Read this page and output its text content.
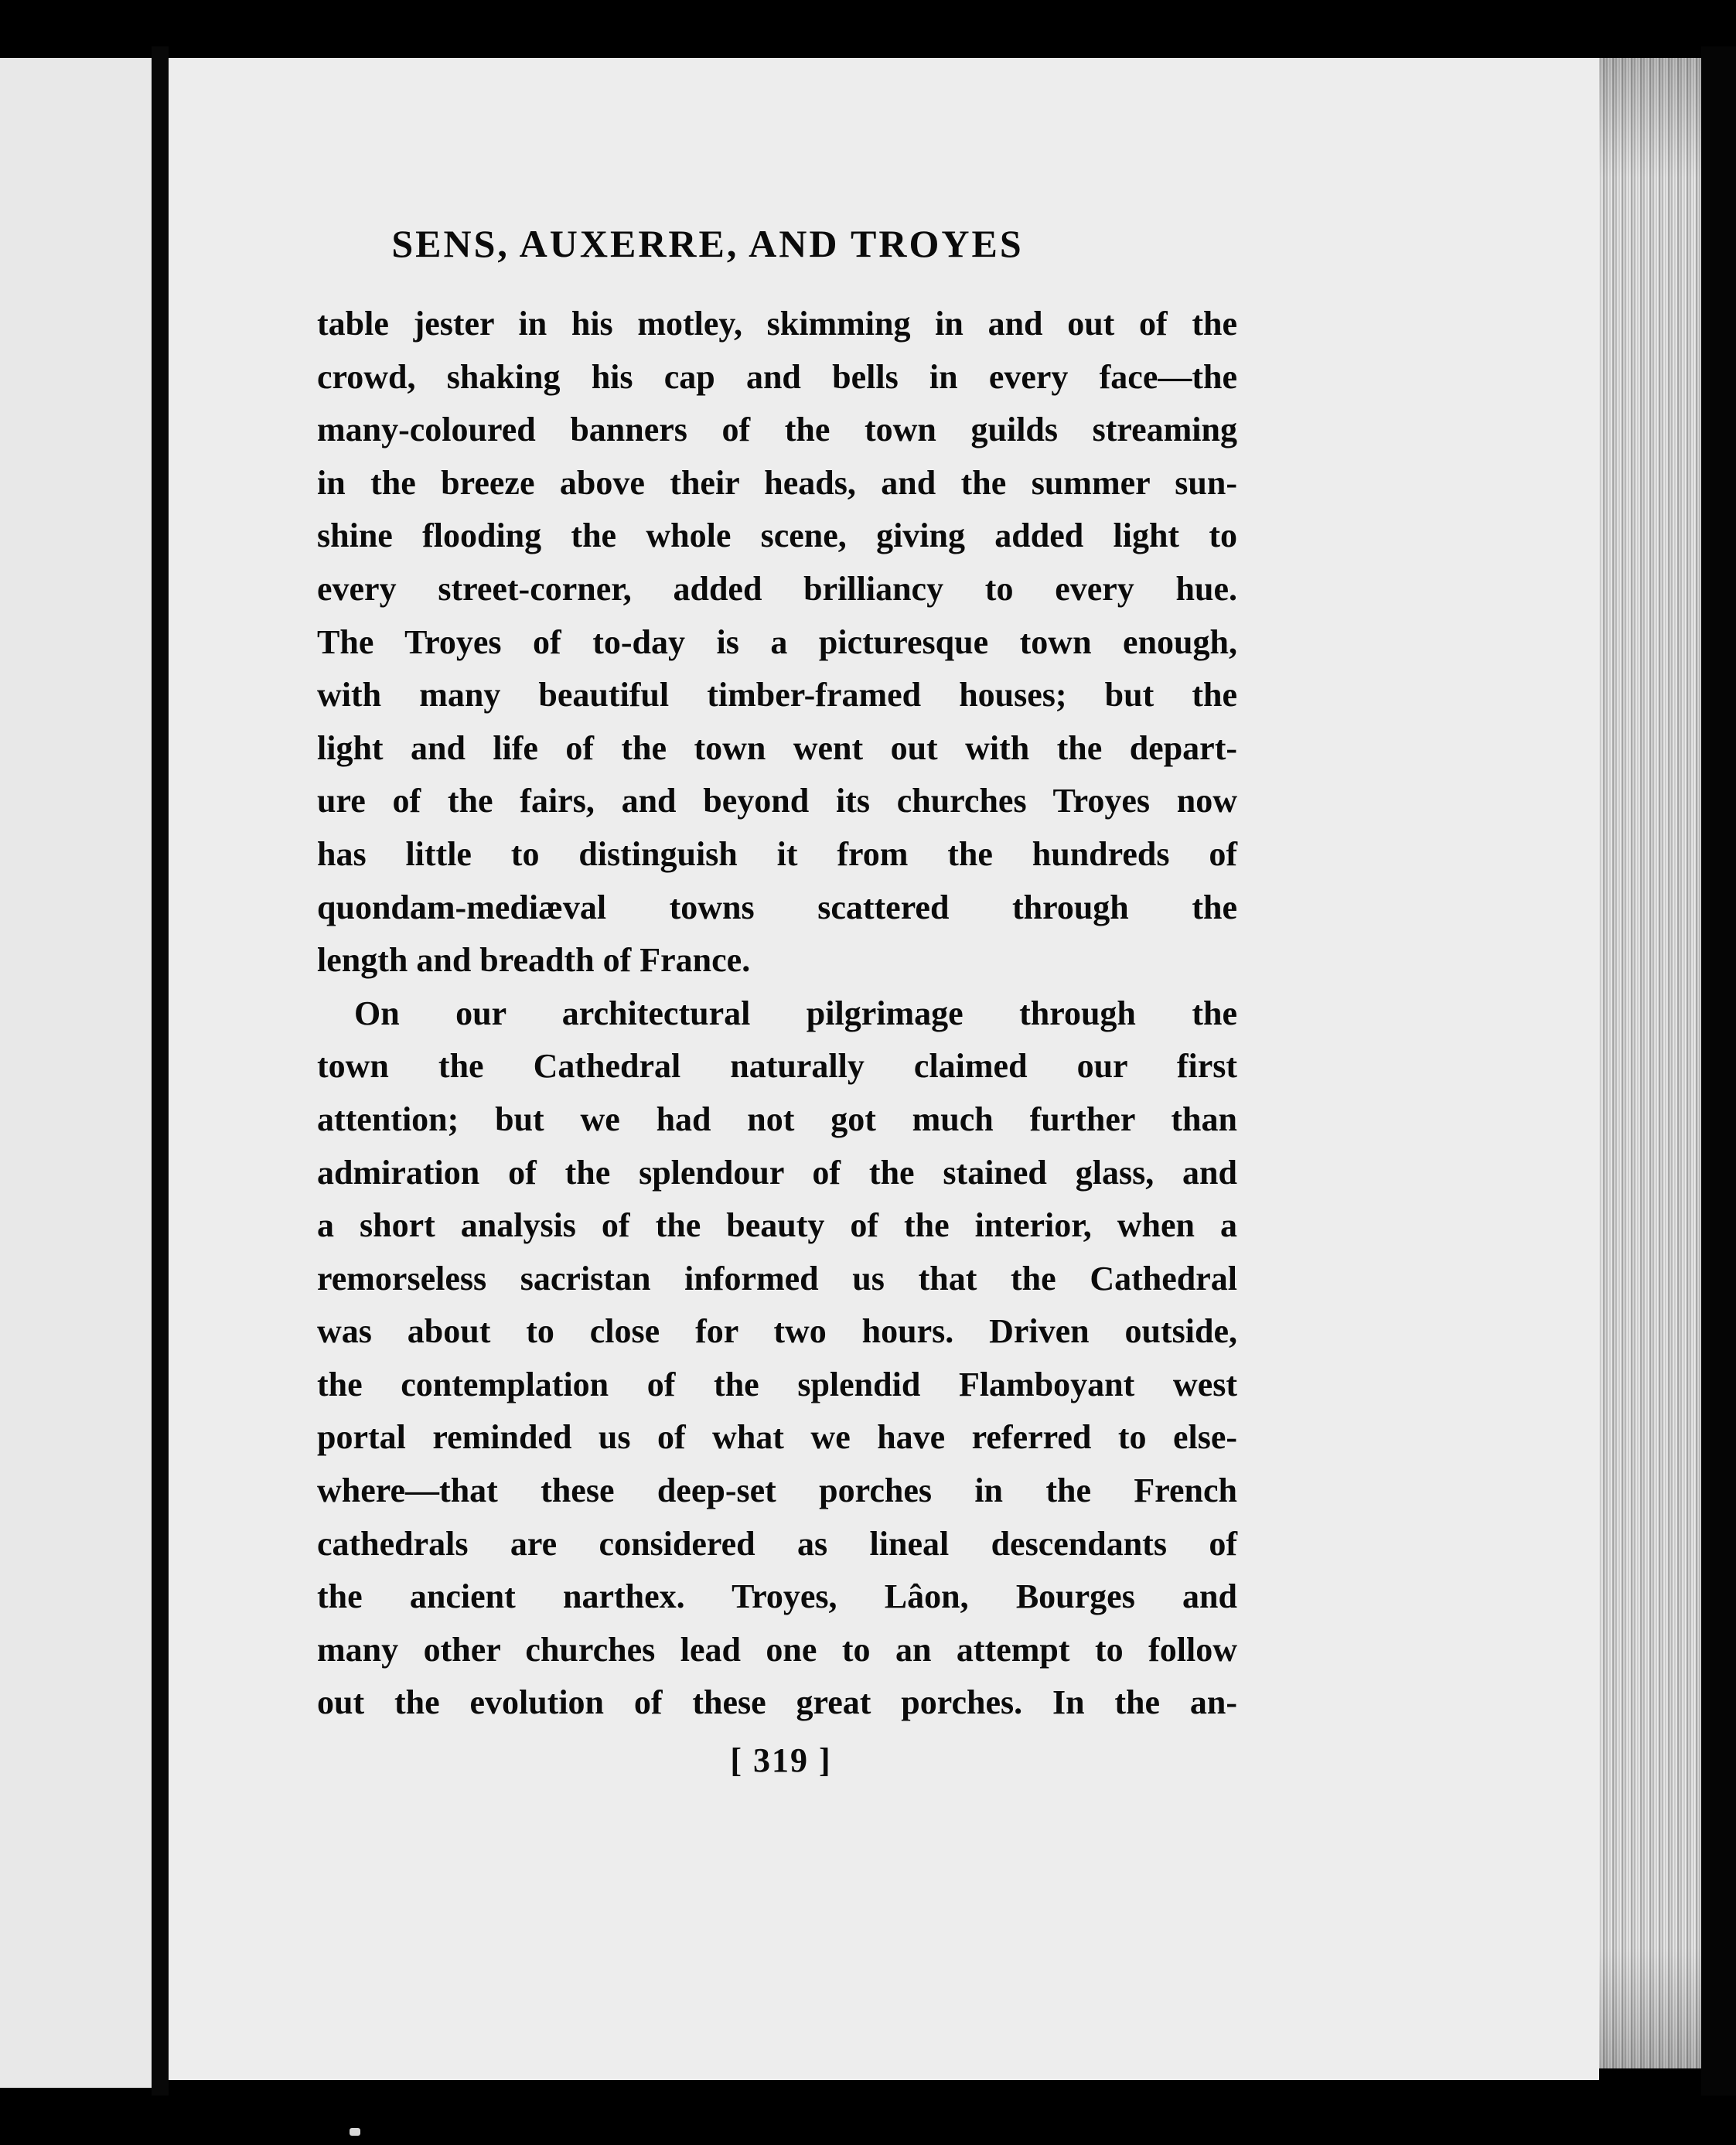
SENS, AUXERRE, AND TROYES
table jester in his motley, skimming in and out of the
crowd, shaking his cap and bells in every face—the
many-coloured banners of the town guilds streaming
in the breeze above their heads, and the summer sun-
shine flooding the whole scene, giving added light to
every street-corner, added brilliancy to every hue.
The Troyes of to-day is a picturesque town enough,
with many beautiful timber-framed houses; but the
light and life of the town went out with the depart-
ure of the fairs, and beyond its churches Troyes now
has little to distinguish it from the hundreds of
quondam-mediæval towns scattered through the
length and breadth of France.
On our architectural pilgrimage through the
town the Cathedral naturally claimed our first
attention; but we had not got much further than
admiration of the splendour of the stained glass, and
a short analysis of the beauty of the interior, when a
remorseless sacristan informed us that the Cathedral
was about to close for two hours. Driven outside,
the contemplation of the splendid Flamboyant west
portal reminded us of what we have referred to else-
where—that these deep-set porches in the French
cathedrals are considered as lineal descendants of
the ancient narthex. Troyes, Lâon, Bourges and
many other churches lead one to an attempt to follow
out the evolution of these great porches. In the an-
[ 319 ]
